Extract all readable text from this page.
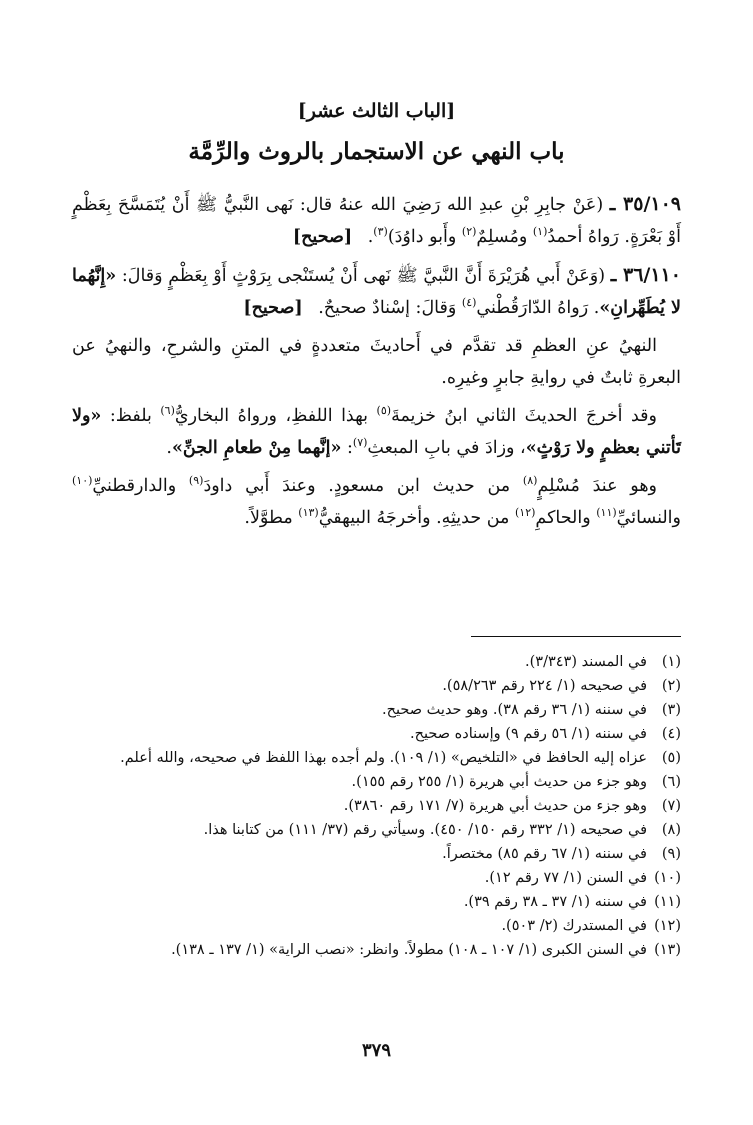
[الباب الثالث عشر]
باب النهي عن الاستجمار بالروث والرِّمَّة

٣٥/١٠٩ ـ (عَنْ جابِرِ بْنِ عبدِ الله رَضِيَ الله عنهُ قال: نَهى النَّبيُّ ﷺ أَنْ يُتَمَسَّحَ بِعَظْمٍ أَوْ بَعْرَةٍ. رَواهُ أحمدُ$^{(١)}$ ومُسلِمٌ$^{(٢)}$ وأَبو داوُدَ)$^{(٣)}$. [صحيح]

٣٦/١١٠ ـ (وَعَنْ أَبي هُرَيْرَةَ أَنَّ النَّبيَّ ﷺ نَهى أَنْ يُستَنْجى بِرَوْثٍ أَوْ بِعَظْمٍ وَقالَ: «إِنَّهُما لا يُطَهِّرانِ». رَواهُ الدّارَقُطْني$^{(٤)}$ وَقالَ: إسْنادٌ صحيحٌ. [صحيح]

النهيُ عنِ العظمِ قد تقدَّم في أَحاديثَ متعددةٍ في المتنِ والشرحِ، والنهيُ عن البعرةِ ثابتٌ في روايةِ جابرٍ وغيرِه.

وقد أخرجَ الحديثَ الثاني ابنُ خزيمةَ$^{(٥)}$ بهذا اللفظِ، ورواهُ البخاريُّ$^{(٦)}$ بلفظ: «ولا تَأتني بعظمٍ ولا رَوْثٍ»، وزادَ في بابِ المبعثِ$^{(٧)}$: «إنَّهما مِنْ طعامِ الجنِّ».

وهو عندَ مُسْلِمٍ$^{(٨)}$ من حديث ابن مسعودٍ. وعندَ أَبي داودَ$^{(٩)}$ والدارقطنيِّ$^{(١٠)}$ والنسائيِّ$^{(١١)}$ والحاكمِ$^{(١٢)}$ من حديثِهِ. وأخرجَهُ البيهقيُّ$^{(١٣)}$ مطوَّلاً.

(١)
في المسند (٣/٣٤٣).
(٢)
في صحيحه (١/ ٢٢٤ رقم ٥٨/٢٦٣).
(٣)
في سننه (١/ ٣٦ رقم ٣٨). وهو حديث صحيح.
(٤)
في سننه (١/ ٥٦ رقم ٩) وإسناده صحيح.
(٥)
عزاه إليه الحافظ في «التلخيص» (١/ ١٠٩). ولم أجده بهذا اللفظ في صحيحه، والله أعلم.
(٦)
وهو جزء من حديث أبي هريرة (١/ ٢٥٥ رقم ١٥٥).
(٧)
وهو جزء من حديث أبي هريرة (٧/ ١٧١ رقم ٣٨٦٠).
(٨)
في صحيحه (١/ ٣٣٢ رقم ١٥٠/ ٤٥٠). وسيأتي رقم (٣٧/ ١١١) من كتابنا هذا.
(٩)
في سننه (١/ ٦٧ رقم ٨٥) مختصراً.
(١٠)
في السنن (١/ ٧٧ رقم ١٢).
(١١)
في سننه (١/ ٣٧ ـ ٣٨ رقم ٣٩).
(١٢)
في المستدرك (٢/ ٥٠٣).
(١٣)
في السنن الكبرى (١/ ١٠٧ ـ ١٠٨) مطولاً. وانظر: «نصب الراية» (١/ ١٣٧ ـ ١٣٨).
٣٧٩
